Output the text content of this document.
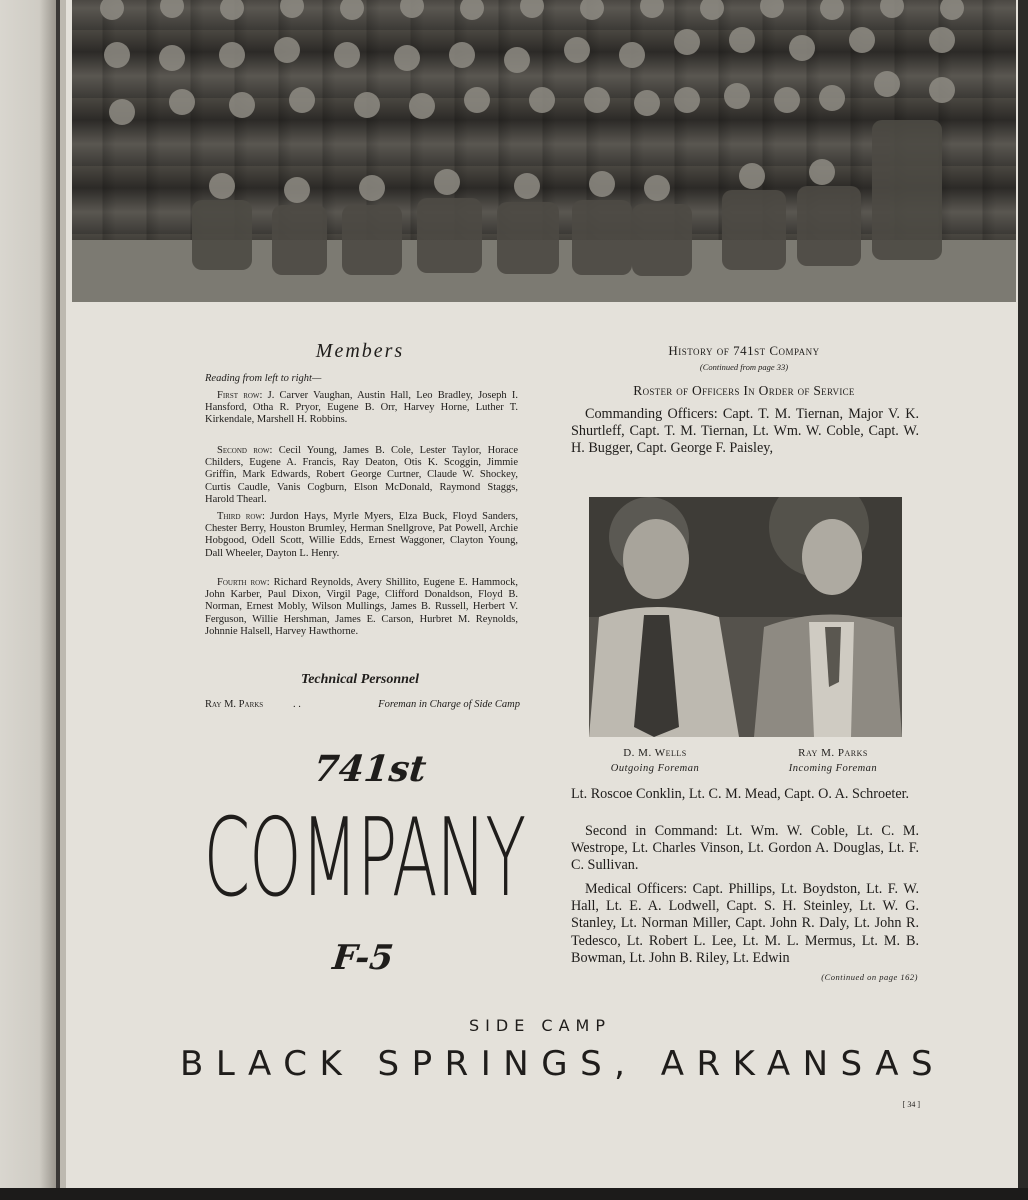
Members
Reading from left to right—
First row: J. Carver Vaughan, Austin Hall, Leo Bradley, Joseph I. Hansford, Otha R. Pryor, Eugene B. Orr, Harvey Horne, Luther T. Kirkendale, Marshell H. Robbins.
Second row: Cecil Young, James B. Cole, Lester Taylor, Horace Childers, Eugene A. Francis, Ray Deaton, Otis K. Scoggin, Jimmie Griffin, Mark Edwards, Robert George Curtner, Claude W. Shockey, Curtis Caudle, Vanis Cogburn, Elson McDonald, Raymond Staggs, Harold Thearl.
Third row: Jurdon Hays, Myrle Myers, Elza Buck, Floyd Sanders, Chester Berry, Houston Brumley, Herman Snellgrove, Pat Powell, Archie Hobgood, Odell Scott, Willie Edds, Ernest Waggoner, Clayton Young, Dall Wheeler, Dayton L. Henry.
Fourth row: Richard Reynolds, Avery Shillito, Eugene E. Hammock, John Karber, Paul Dixon, Virgil Page, Clifford Donaldson, Floyd B. Norman, Ernest Mobly, Wilson Mullings, James B. Russell, Herbert V. Ferguson, Willie Hershman, James E. Carson, Hurbret M. Reynolds, Johnnie Halsell, Harvey Hawthorne.
Technical Personnel
Ray M. Parks	. .	Foreman in Charge of Side Camp
741st
COMPANY
F-5
History of 741st Company
(Continued from page 33)
Roster of Officers In Order of Service
Commanding Officers: Capt. T. M. Tiernan, Major V. K. Shurtleff, Capt. T. M. Tiernan, Lt. Wm. W. Coble, Capt. W. H. Bugger, Capt. George F. Paisley,
D. M. Wells
Outgoing Foreman
Ray M. Parks
Incoming Foreman
Lt. Roscoe Conklin, Lt. C. M. Mead, Capt. O. A. Schroeter.
Second in Command: Lt. Wm. W. Coble, Lt. C. M. Westrope, Lt. Charles Vinson, Lt. Gordon A. Douglas, Lt. F. C. Sullivan.
Medical Officers: Capt. Phillips, Lt. Boydston, Lt. F. W. Hall, Lt. E. A. Lodwell, Capt. S. H. Steinley, Lt. W. G. Stanley, Lt. Norman Miller, Capt. John R. Daly, Lt. John R. Tedesco, Lt. Robert L. Lee, Lt. M. L. Mermus, Lt. M. B. Bowman, Lt. John B. Riley, Lt. Edwin
(Continued on page 162)
SIDE CAMP
BLACK SPRINGS, ARKANSAS
[ 34 ]
